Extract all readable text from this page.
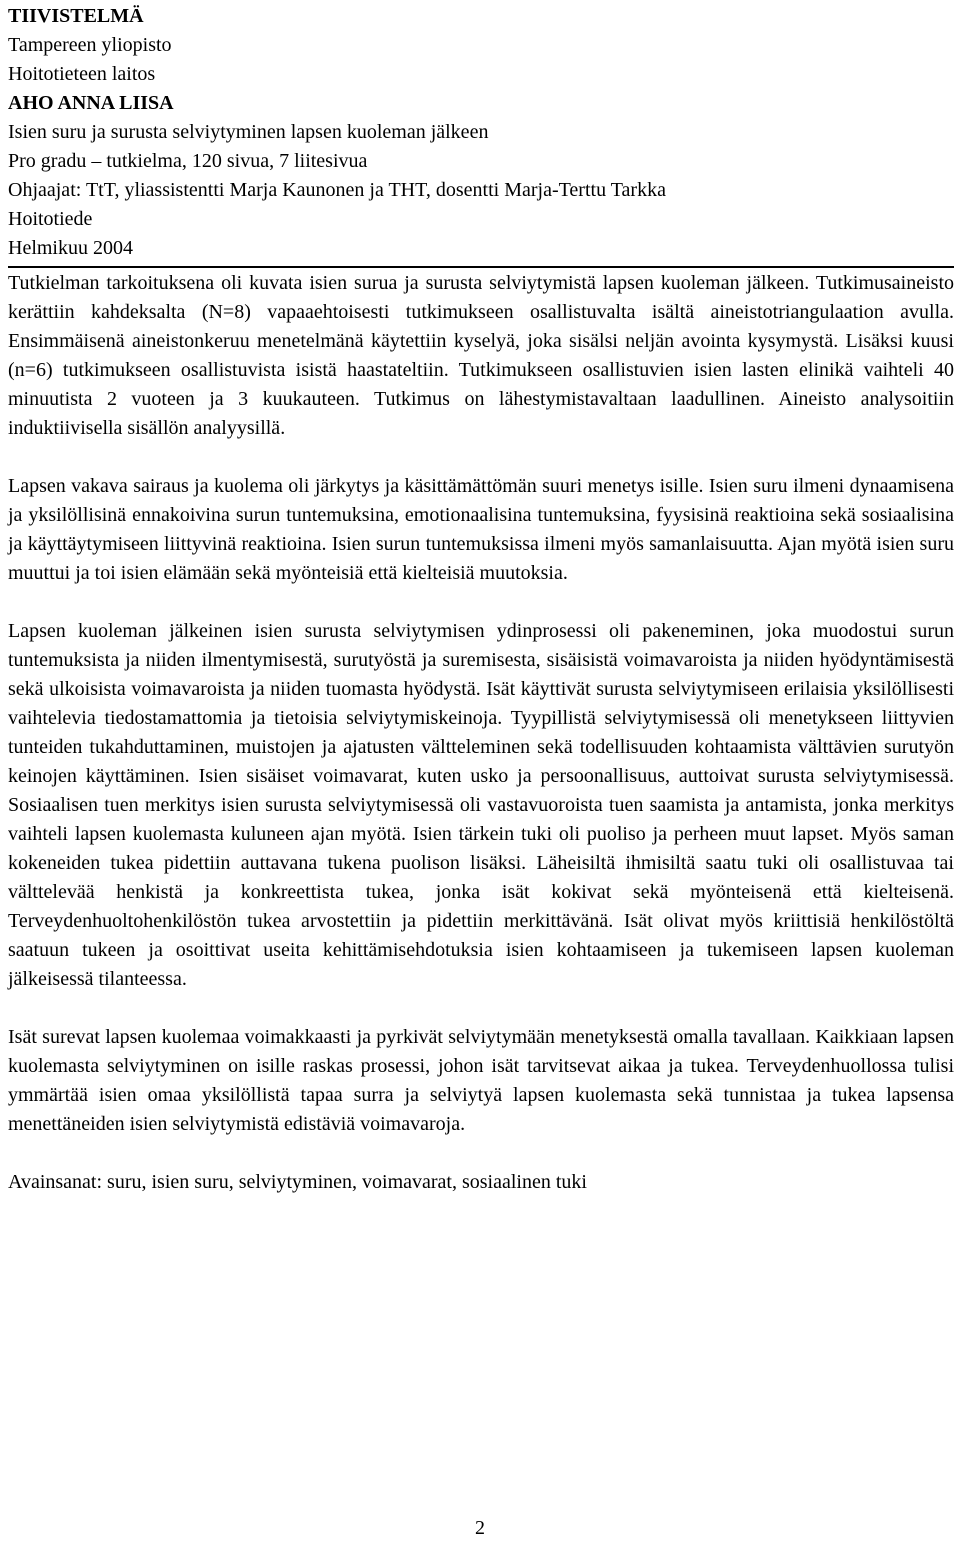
TIIVISTELMÄ
Tampereen yliopisto
Hoitotieteen laitos
AHO ANNA LIISA
Isien suru ja surusta selviytyminen lapsen kuoleman jälkeen
Pro gradu – tutkielma, 120 sivua, 7 liitesivua
Ohjaajat: TtT, yliassistentti Marja Kaunonen ja THT, dosentti Marja-Terttu Tarkka
Hoitotiede
Helmikuu 2004

Tutkielman tarkoituksena oli kuvata isien surua ja surusta selviytymistä lapsen kuoleman jälkeen. Tutkimusaineisto kerättiin kahdeksalta (N=8) vapaaehtoisesti tutkimukseen osallistuvalta isältä aineistotriangulaation avulla. Ensimmäisenä aineistonkeruu menetelmänä käytettiin kyselyä, joka sisälsi neljän avointa kysymystä. Lisäksi kuusi (n=6) tutkimukseen osallistuvista isistä haastateltiin. Tutkimukseen osallistuvien isien lasten elinikä vaihteli 40 minuutista 2 vuoteen ja 3 kuukauteen. Tutkimus on lähestymistavaltaan laadullinen. Aineisto analysoitiin induktiivisella sisällön analyysillä.

Lapsen vakava sairaus ja kuolema oli järkytys ja käsittämättömän suuri menetys isille. Isien suru ilmeni dynaamisena ja yksilöllisinä ennakoivina surun tuntemuksina, emotionaalisina tuntemuksina, fyysisinä reaktioina sekä sosiaalisina ja käyttäytymiseen liittyvinä reaktioina. Isien surun tuntemuksissa ilmeni myös samanlaisuutta. Ajan myötä isien suru muuttui ja toi isien elämään sekä myönteisiä että kielteisiä muutoksia.

Lapsen kuoleman jälkeinen isien surusta selviytymisen ydinprosessi oli pakeneminen, joka muodostui surun tuntemuksista ja niiden ilmentymisestä, surutyöstä ja suremisesta, sisäisistä voimavaroista ja niiden hyödyntämisestä sekä ulkoisista voimavaroista ja niiden tuomasta hyödystä. Isät käyttivät surusta selviytymiseen erilaisia yksilöllisesti vaihtelevia tiedostamattomia ja tietoisia selviytymiskeinoja. Tyypillistä selviytymisessä oli menetykseen liittyvien tunteiden tukahduttaminen, muistojen ja ajatusten vältteleminen sekä todellisuuden kohtaamista välttävien surutyön keinojen käyttäminen. Isien sisäiset voimavarat, kuten usko ja persoonallisuus, auttoivat surusta selviytymisessä. Sosiaalisen tuen merkitys isien surusta selviytymisessä oli vastavuoroista tuen saamista ja antamista, jonka merkitys vaihteli lapsen kuolemasta kuluneen ajan myötä. Isien tärkein tuki oli puoliso ja perheen muut lapset. Myös saman kokeneiden tukea pidettiin auttavana tukena puolison lisäksi. Läheisiltä ihmisiltä saatu tuki oli osallistuvaa tai välttelevää henkistä ja konkreettista tukea, jonka isät kokivat sekä myönteisenä että kielteisenä. Terveydenhuoltohenkilöstön tukea arvostettiin ja pidettiin merkittävänä. Isät olivat myös kriittisiä henkilöstöltä saatuun tukeen ja osoittivat useita kehittämisehdotuksia isien kohtaamiseen ja tukemiseen lapsen kuoleman jälkeisessä tilanteessa.

Isät surevat lapsen kuolemaa voimakkaasti ja pyrkivät selviytymään menetyksestä omalla tavallaan. Kaikkiaan lapsen kuolemasta selviytyminen on isille raskas prosessi, johon isät tarvitsevat aikaa ja tukea. Terveydenhuollossa tulisi ymmärtää isien omaa yksilöllistä tapaa surra ja selviytyä lapsen kuolemasta sekä tunnistaa ja tukea lapsensa menettäneiden isien selviytymistä edistäviä voimavaroja.

Avainsanat: suru, isien suru, selviytyminen, voimavarat, sosiaalinen tuki

2
